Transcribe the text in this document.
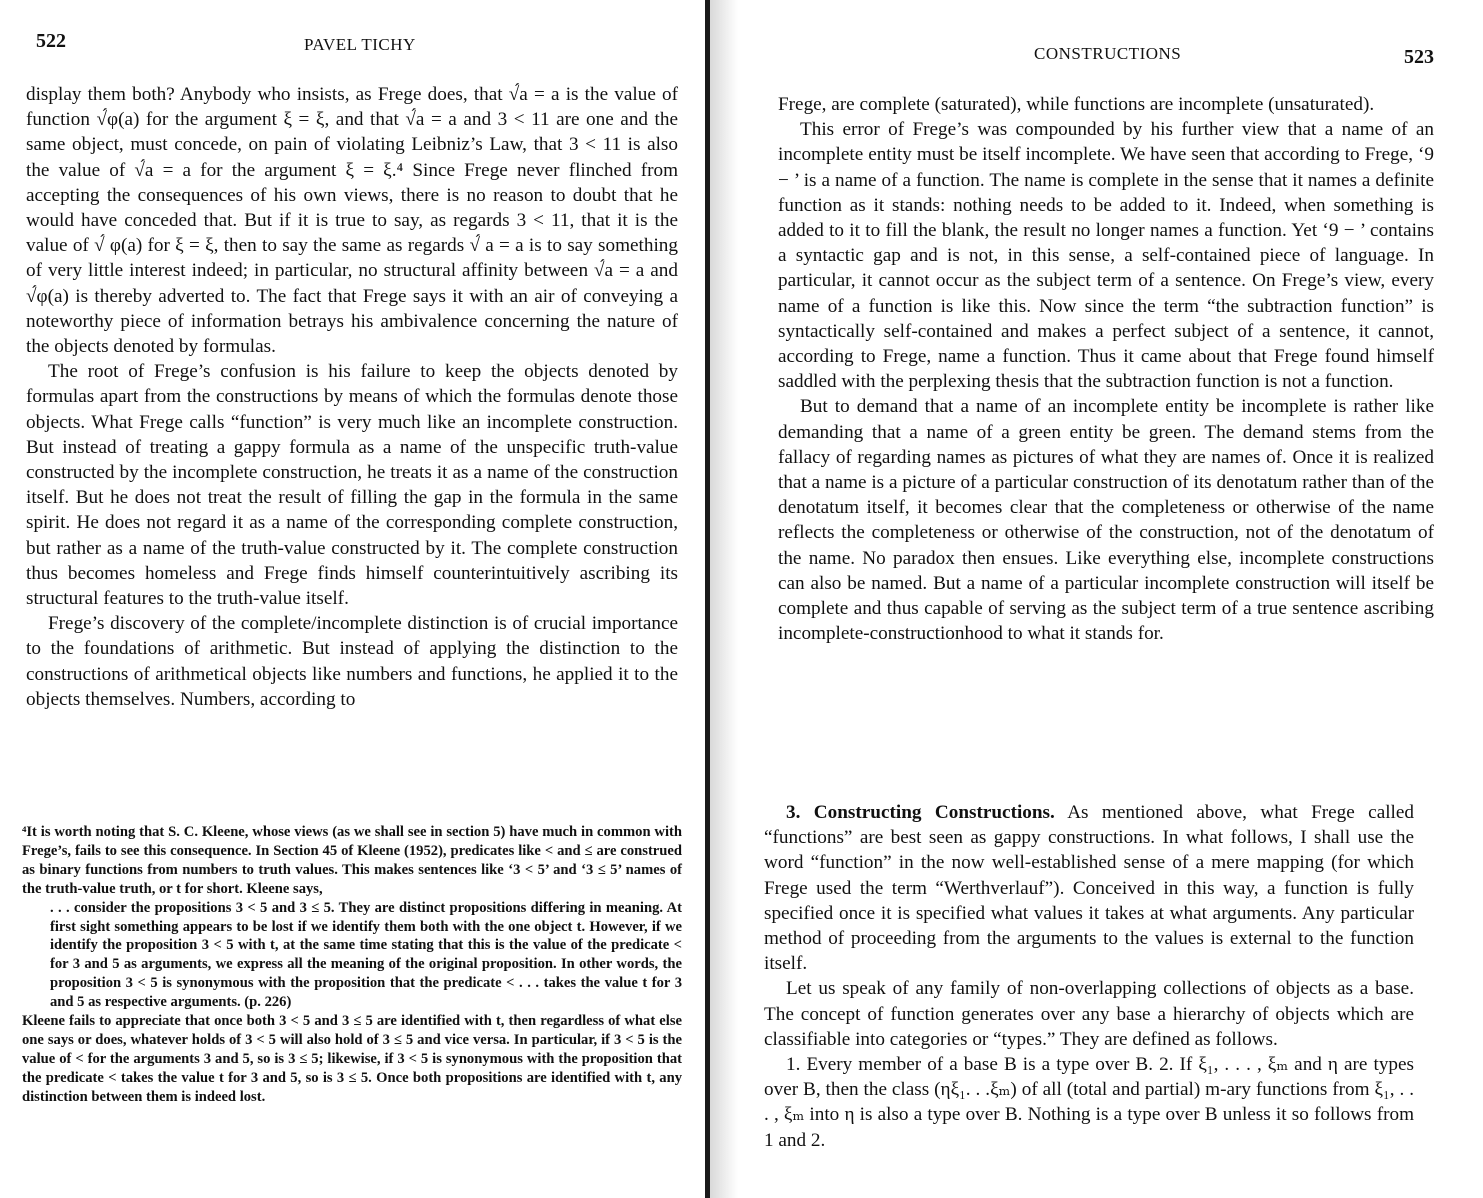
522	PAVEL TICHY

display them both? Anybody who insists, as Frege does, that √́a = a is the value of function √́φ(a) for the argument ξ = ξ, and that √́a = a and 3 < 11 are one and the same object, must concede, on pain of violating Leibniz’s Law, that 3 < 11 is also the value of √́a = a for the argument ξ = ξ.⁴ Since Frege never flinched from accepting the consequences of his own views, there is no reason to doubt that he would have conceded that. But if it is true to say, as regards 3 < 11, that it is the value of √́ φ(a) for ξ = ξ, then to say the same as regards √́ a = a is to say something of very little interest indeed; in particular, no structural affinity between √́a = a and √́φ(a) is thereby adverted to. The fact that Frege says it with an air of conveying a noteworthy piece of information betrays his ambivalence concerning the nature of the objects denoted by formulas.

The root of Frege’s confusion is his failure to keep the objects denoted by formulas apart from the constructions by means of which the formulas denote those objects. What Frege calls “function” is very much like an incomplete construction. But instead of treating a gappy formula as a name of the unspecific truth-value constructed by the incomplete construction, he treats it as a name of the construction itself. But he does not treat the result of filling the gap in the formula in the same spirit. He does not regard it as a name of the corresponding complete construction, but rather as a name of the truth-value constructed by it. The complete construction thus becomes homeless and Frege finds himself counterintuitively ascribing its structural features to the truth-value itself.

Frege’s discovery of the complete/incomplete distinction is of crucial importance to the foundations of arithmetic. But instead of applying the distinction to the constructions of arithmetical objects like numbers and functions, he applied it to the objects themselves. Numbers, according to

⁴It is worth noting that S. C. Kleene, whose views (as we shall see in section 5) have much in common with Frege’s, fails to see this consequence. In Section 45 of Kleene (1952), predicates like < and ≤ are construed as binary functions from numbers to truth values. This makes sentences like ‘3 < 5’ and ‘3 ≤ 5’ names of the truth-value truth, or t for short. Kleene says,

. . . consider the propositions 3 < 5 and 3 ≤ 5. They are distinct propositions differing in meaning. At first sight something appears to be lost if we identify them both with the one object t. However, if we identify the proposition 3 < 5 with t, at the same time stating that this is the value of the predicate < for 3 and 5 as arguments, we express all the meaning of the original proposition. In other words, the proposition 3 < 5 is synonymous with the proposition that the predicate < . . . takes the value t for 3 and 5 as respective arguments. (p. 226)

Kleene fails to appreciate that once both 3 < 5 and 3 ≤ 5 are identified with t, then regardless of what else one says or does, whatever holds of 3 < 5 will also hold of 3 ≤ 5 and vice versa. In particular, if 3 < 5 is the value of < for the arguments 3 and 5, so is 3 ≤ 5; likewise, if 3 < 5 is synonymous with the proposition that the predicate < takes the value t for 3 and 5, so is 3 ≤ 5. Once both propositions are identified with t, any distinction between them is indeed lost.

CONSTRUCTIONS	523

Frege, are complete (saturated), while functions are incomplete (unsaturated).

This error of Frege’s was compounded by his further view that a name of an incomplete entity must be itself incomplete. We have seen that according to Frege, ‘9 − ’ is a name of a function. The name is complete in the sense that it names a definite function as it stands: nothing needs to be added to it. Indeed, when something is added to it to fill the blank, the result no longer names a function. Yet ‘9 − ’ contains a syntactic gap and is not, in this sense, a self-contained piece of language. In particular, it cannot occur as the subject term of a sentence. On Frege’s view, every name of a function is like this. Now since the term “the subtraction function” is syntactically self-contained and makes a perfect subject of a sentence, it cannot, according to Frege, name a function. Thus it came about that Frege found himself saddled with the perplexing thesis that the subtraction function is not a function.

But to demand that a name of an incomplete entity be incomplete is rather like demanding that a name of a green entity be green. The demand stems from the fallacy of regarding names as pictures of what they are names of. Once it is realized that a name is a picture of a particular construction of its denotatum rather than of the denotatum itself, it becomes clear that the completeness or otherwise of the name reflects the completeness or otherwise of the construction, not of the denotatum of the name. No paradox then ensues. Like everything else, incomplete constructions can also be named. But a name of a particular incomplete construction will itself be complete and thus capable of serving as the subject term of a true sentence ascribing incomplete-constructionhood to what it stands for.

3. Constructing Constructions. As mentioned above, what Frege called “functions” are best seen as gappy constructions. In what follows, I shall use the word “function” in the now well-established sense of a mere mapping (for which Frege used the term “Werthverlauf”). Conceived in this way, a function is fully specified once it is specified what values it takes at what arguments. Any particular method of proceeding from the arguments to the values is external to the function itself.

Let us speak of any family of non-overlapping collections of objects as a base. The concept of function generates over any base a hierarchy of objects which are classifiable into categories or “types.” They are defined as follows.

1. Every member of a base B is a type over B. 2. If ξ₁, . . . , ξₘ and η are types over B, then the class (ηξ₁. . .ξₘ) of all (total and partial) m-ary functions from ξ₁, . . . , ξₘ into η is also a type over B. Nothing is a type over B unless it so follows from 1 and 2.
